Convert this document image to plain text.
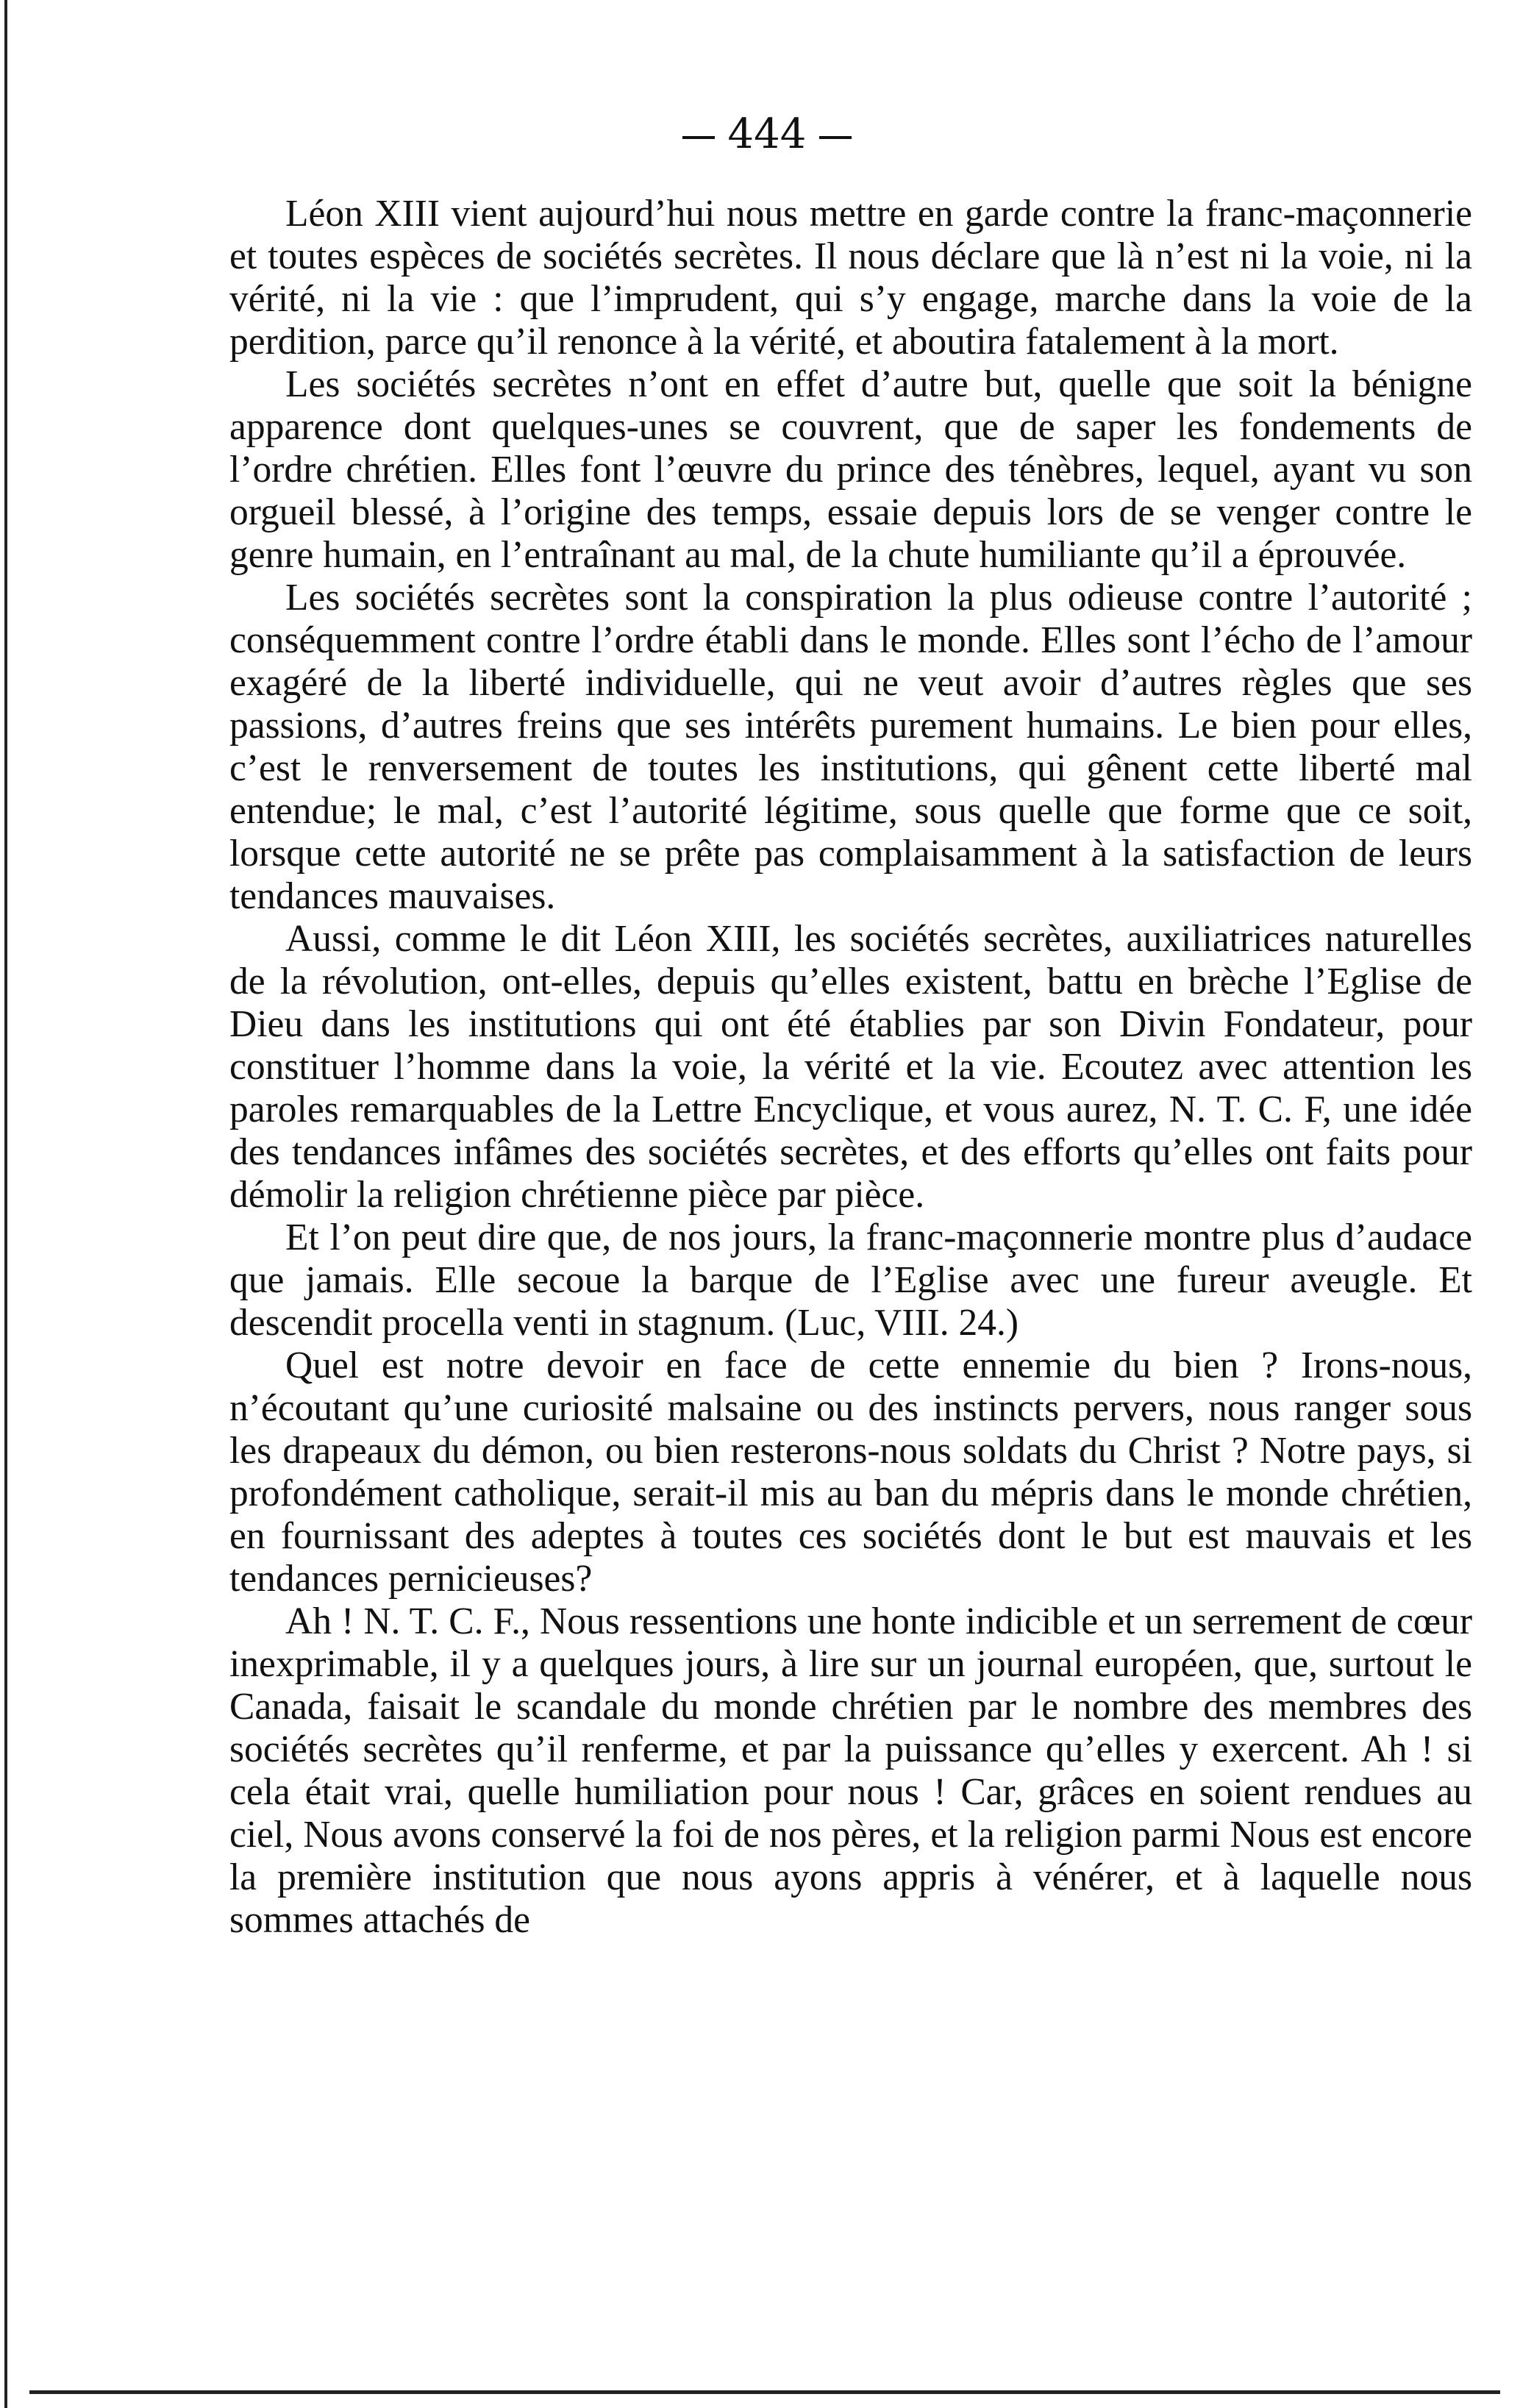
444

Léon XIII vient aujourd’hui nous mettre en garde contre la franc-maçonnerie et toutes espèces de sociétés secrètes. Il nous déclare que là n’est ni la voie, ni la vérité, ni la vie : que l’imprudent, qui s’y engage, marche dans la voie de la perdition, parce qu’il renonce à la vérité, et aboutira fatalement à la mort.

Les sociétés secrètes n’ont en effet d’autre but, quelle que soit la bénigne apparence dont quelques-unes se couvrent, que de saper les fondements de l’ordre chrétien. Elles font l’œuvre du prince des ténèbres, lequel, ayant vu son orgueil blessé, à l’origine des temps, essaie depuis lors de se venger contre le genre humain, en l’entraînant au mal, de la chute humiliante qu’il a éprouvée.

Les sociétés secrètes sont la conspiration la plus odieuse contre l’autorité ; conséquemment contre l’ordre établi dans le monde. Elles sont l’écho de l’amour exagéré de la liberté individuelle, qui ne veut avoir d’autres règles que ses passions, d’autres freins que ses intérêts purement humains. Le bien pour elles, c’est le renversement de toutes les institutions, qui gênent cette liberté mal entendue; le mal, c’est l’autorité légitime, sous quelle que forme que ce soit, lorsque cette autorité ne se prête pas complaisamment à la satisfaction de leurs tendances mauvaises.

Aussi, comme le dit Léon XIII, les sociétés secrètes, auxiliatrices naturelles de la révolution, ont-elles, depuis qu’elles existent, battu en brèche l’Eglise de Dieu dans les institutions qui ont été établies par son Divin Fondateur, pour constituer l’homme dans la voie, la vérité et la vie. Ecoutez avec attention les paroles remarquables de la Lettre Encyclique, et vous aurez, N. T. C. F, une idée des tendances infâmes des sociétés secrètes, et des efforts qu’elles ont faits pour démolir la religion chrétienne pièce par pièce.

Et l’on peut dire que, de nos jours, la franc-maçonnerie montre plus d’audace que jamais. Elle secoue la barque de l’Eglise avec une fureur aveugle. Et descendit procella venti in stagnum. (Luc, VIII. 24.)

Quel est notre devoir en face de cette ennemie du bien ? Irons-nous, n’écoutant qu’une curiosité malsaine ou des instincts pervers, nous ranger sous les drapeaux du démon, ou bien resterons-nous soldats du Christ ? Notre pays, si profondément catholique, serait-il mis au ban du mépris dans le monde chrétien, en fournissant des adeptes à toutes ces sociétés dont le but est mauvais et les tendances pernicieuses?

Ah ! N. T. C. F., Nous ressentions une honte indicible et un serrement de cœur inexprimable, il y a quelques jours, à lire sur un journal européen, que, surtout le Canada, faisait le scandale du monde chrétien par le nombre des membres des sociétés secrètes qu’il renferme, et par la puissance qu’elles y exercent. Ah ! si cela était vrai, quelle humiliation pour nous ! Car, grâces en soient rendues au ciel, Nous avons conservé la foi de nos pères, et la religion parmi Nous est encore la première institution que nous ayons appris à vénérer, et à laquelle nous sommes attachés de
